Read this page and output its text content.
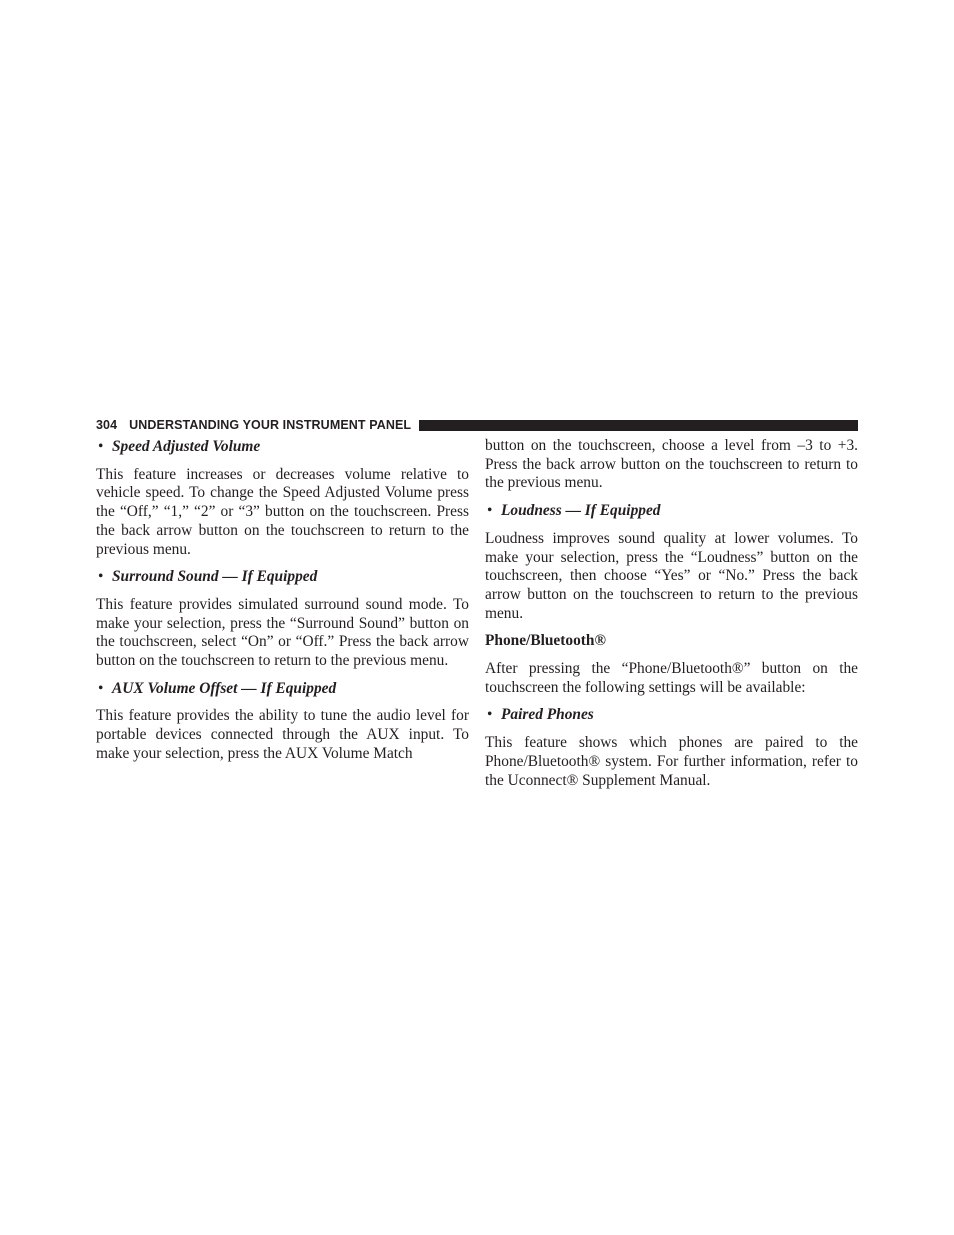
304 UNDERSTANDING YOUR INSTRUMENT PANEL
• Speed Adjusted Volume

This feature increases or decreases volume relative to vehicle speed. To change the Speed Adjusted Volume press the “Off,” “1,” “2” or “3” button on the touchscreen. Press the back arrow button on the touchscreen to return to the previous menu.

• Surround Sound — If Equipped

This feature provides simulated surround sound mode. To make your selection, press the “Surround Sound” button on the touchscreen, select “On” or “Off.” Press the back arrow button on the touchscreen to return to the previous menu.

• AUX Volume Offset — If Equipped

This feature provides the ability to tune the audio level for portable devices connected through the AUX input. To make your selection, press the AUX Volume Match

button on the touchscreen, choose a level from –3 to +3. Press the back arrow button on the touchscreen to return to the previous menu.

• Loudness — If Equipped

Loudness improves sound quality at lower volumes. To make your selection, press the “Loudness” button on the touchscreen, then choose “Yes” or “No.” Press the back arrow button on the touchscreen to return to the previous menu.

Phone/Bluetooth®

After pressing the “Phone/Bluetooth®” button on the touchscreen the following settings will be available:

• Paired Phones

This feature shows which phones are paired to the Phone/Bluetooth® system. For further information, refer to the Uconnect® Supplement Manual.
